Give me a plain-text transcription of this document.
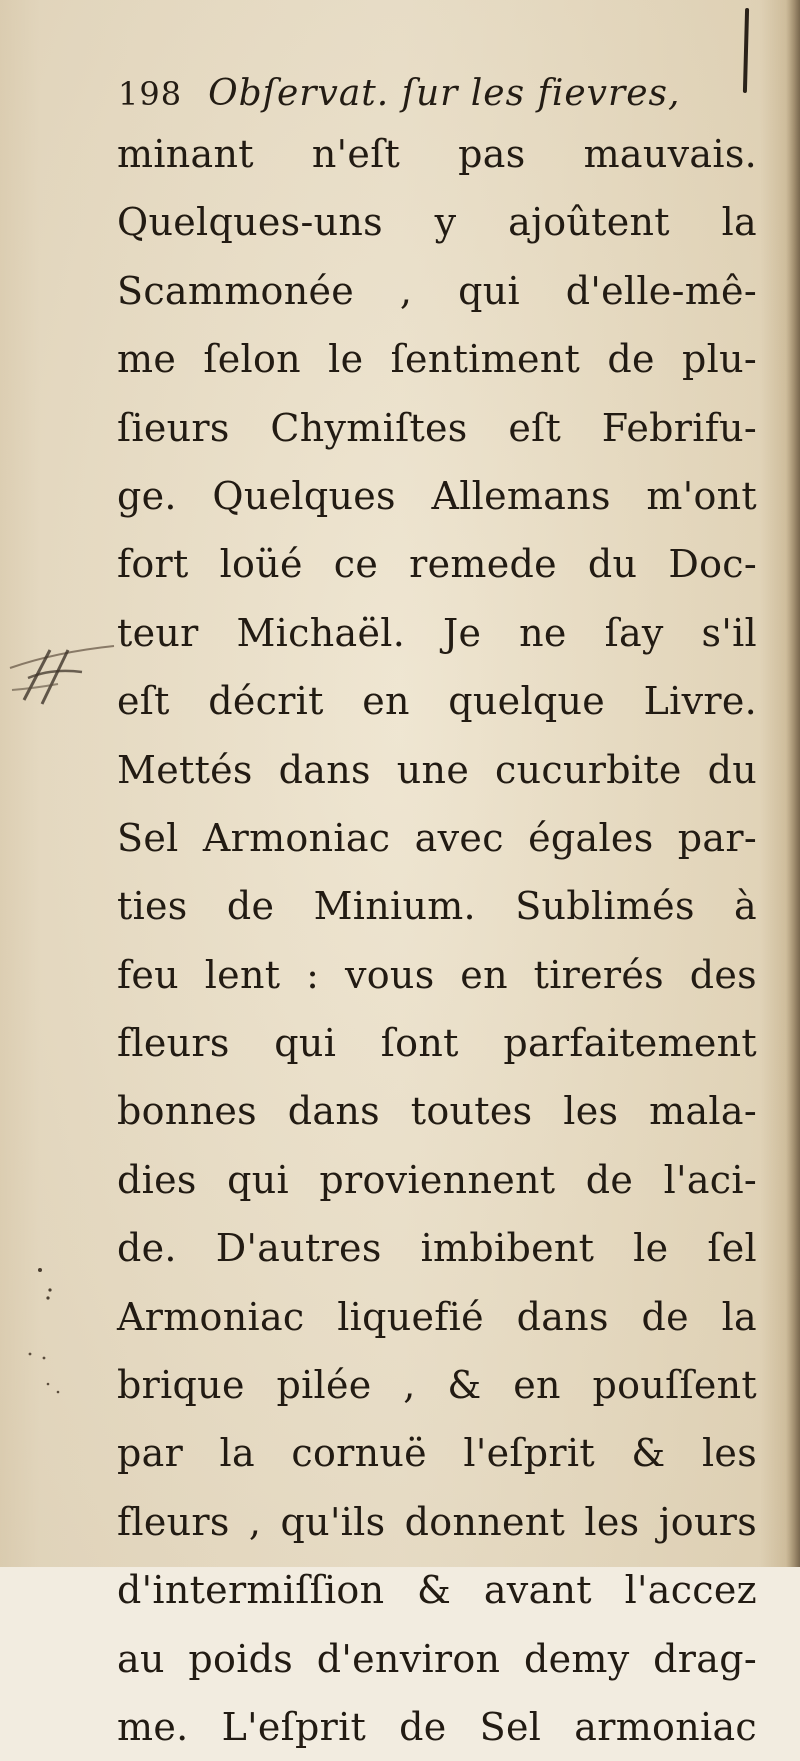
198 Obſervat. ſur les fievres,
minant n'eſt pas mauvais.
Quelques-uns y ajoûtent la
Scammonée , qui d'elle-mê-
me ſelon le ſentiment de plu-
ſieurs Chymiſtes eſt Febrifu-
ge. Quelques Allemans m'ont
fort loüé ce remede du Doc-
teur Michaël. Je ne ſay s'il
eſt décrit en quelque Livre.
Mettés dans une cucurbite du
Sel Armoniac avec égales par-
ties de Minium. Sublimés à
feu lent : vous en tirerés des
fleurs qui ſont parfaitement
bonnes dans toutes les mala-
dies qui proviennent de l'aci-
de. D'autres imbibent le ſel
Armoniac liquefié dans de la
brique pilée , & en pouſſent
par la cornuë l'eſprit & les
fleurs , qu'ils donnent les jours
d'intermiſſion & avant l'accez
au poids d'environ demy drag-
me. L'eſprit de Sel armoniac
